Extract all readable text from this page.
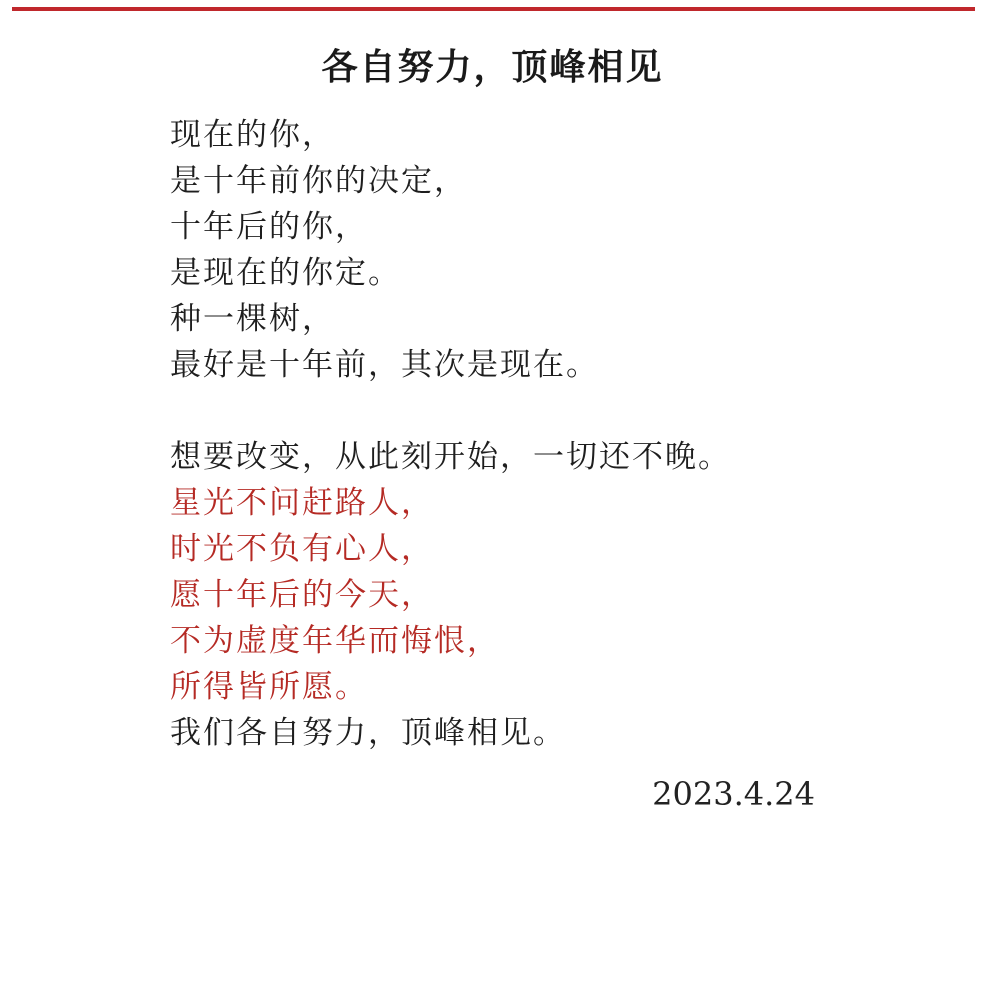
各自努力，顶峰相见
现在的你，
是十年前你的决定，
十年后的你，
是现在的你定。
种一棵树，
最好是十年前，其次是现在。
想要改变，从此刻开始，一切还不晚。
星光不问赶路人，
时光不负有心人，
愿十年后的今天，
不为虚度年华而悔恨，
所得皆所愿。
我们各自努力，顶峰相见。
2023.4.24
